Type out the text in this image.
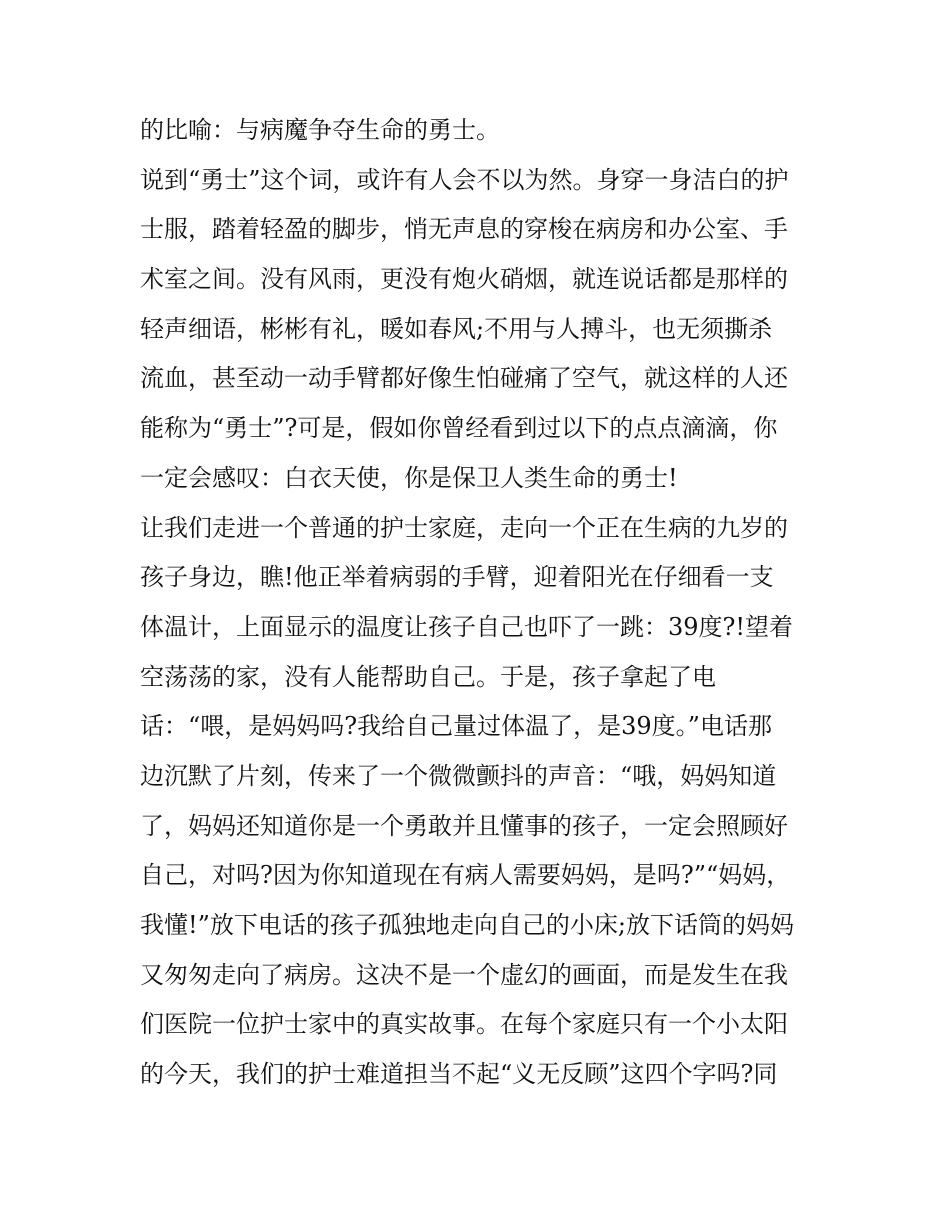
的比喻：与病魔争夺生命的勇士。
说到“勇士”这个词，或许有人会不以为然。身穿一身洁白的护
士服，踏着轻盈的脚步，悄无声息的穿梭在病房和办公室、手
术室之间。没有风雨，更没有炮火硝烟，就连说话都是那样的
轻声细语，彬彬有礼，暖如春风;不用与人搏斗，也无须撕杀
流血，甚至动一动手臂都好像生怕碰痛了空气，就这样的人还
能称为“勇士”?可是，假如你曾经看到过以下的点点滴滴，你
一定会感叹：白衣天使，你是保卫人类生命的勇士!
让我们走进一个普通的护士家庭，走向一个正在生病的九岁的
孩子身边，瞧!他正举着病弱的手臂，迎着阳光在仔细看一支
体温计，上面显示的温度让孩子自己也吓了一跳：39度?!望着
空荡荡的家，没有人能帮助自己。于是，孩子拿起了电
话：“喂，是妈妈吗?我给自己量过体温了，是39度。”电话那
边沉默了片刻，传来了一个微微颤抖的声音：“哦，妈妈知道
了，妈妈还知道你是一个勇敢并且懂事的孩子，一定会照顾好
自己，对吗?因为你知道现在有病人需要妈妈，是吗?”“妈妈，
我懂!”放下电话的孩子孤独地走向自己的小床;放下话筒的妈妈
又匆匆走向了病房。这决不是一个虚幻的画面，而是发生在我
们医院一位护士家中的真实故事。在每个家庭只有一个小太阳
的今天，我们的护士难道担当不起“义无反顾”这四个字吗?同
